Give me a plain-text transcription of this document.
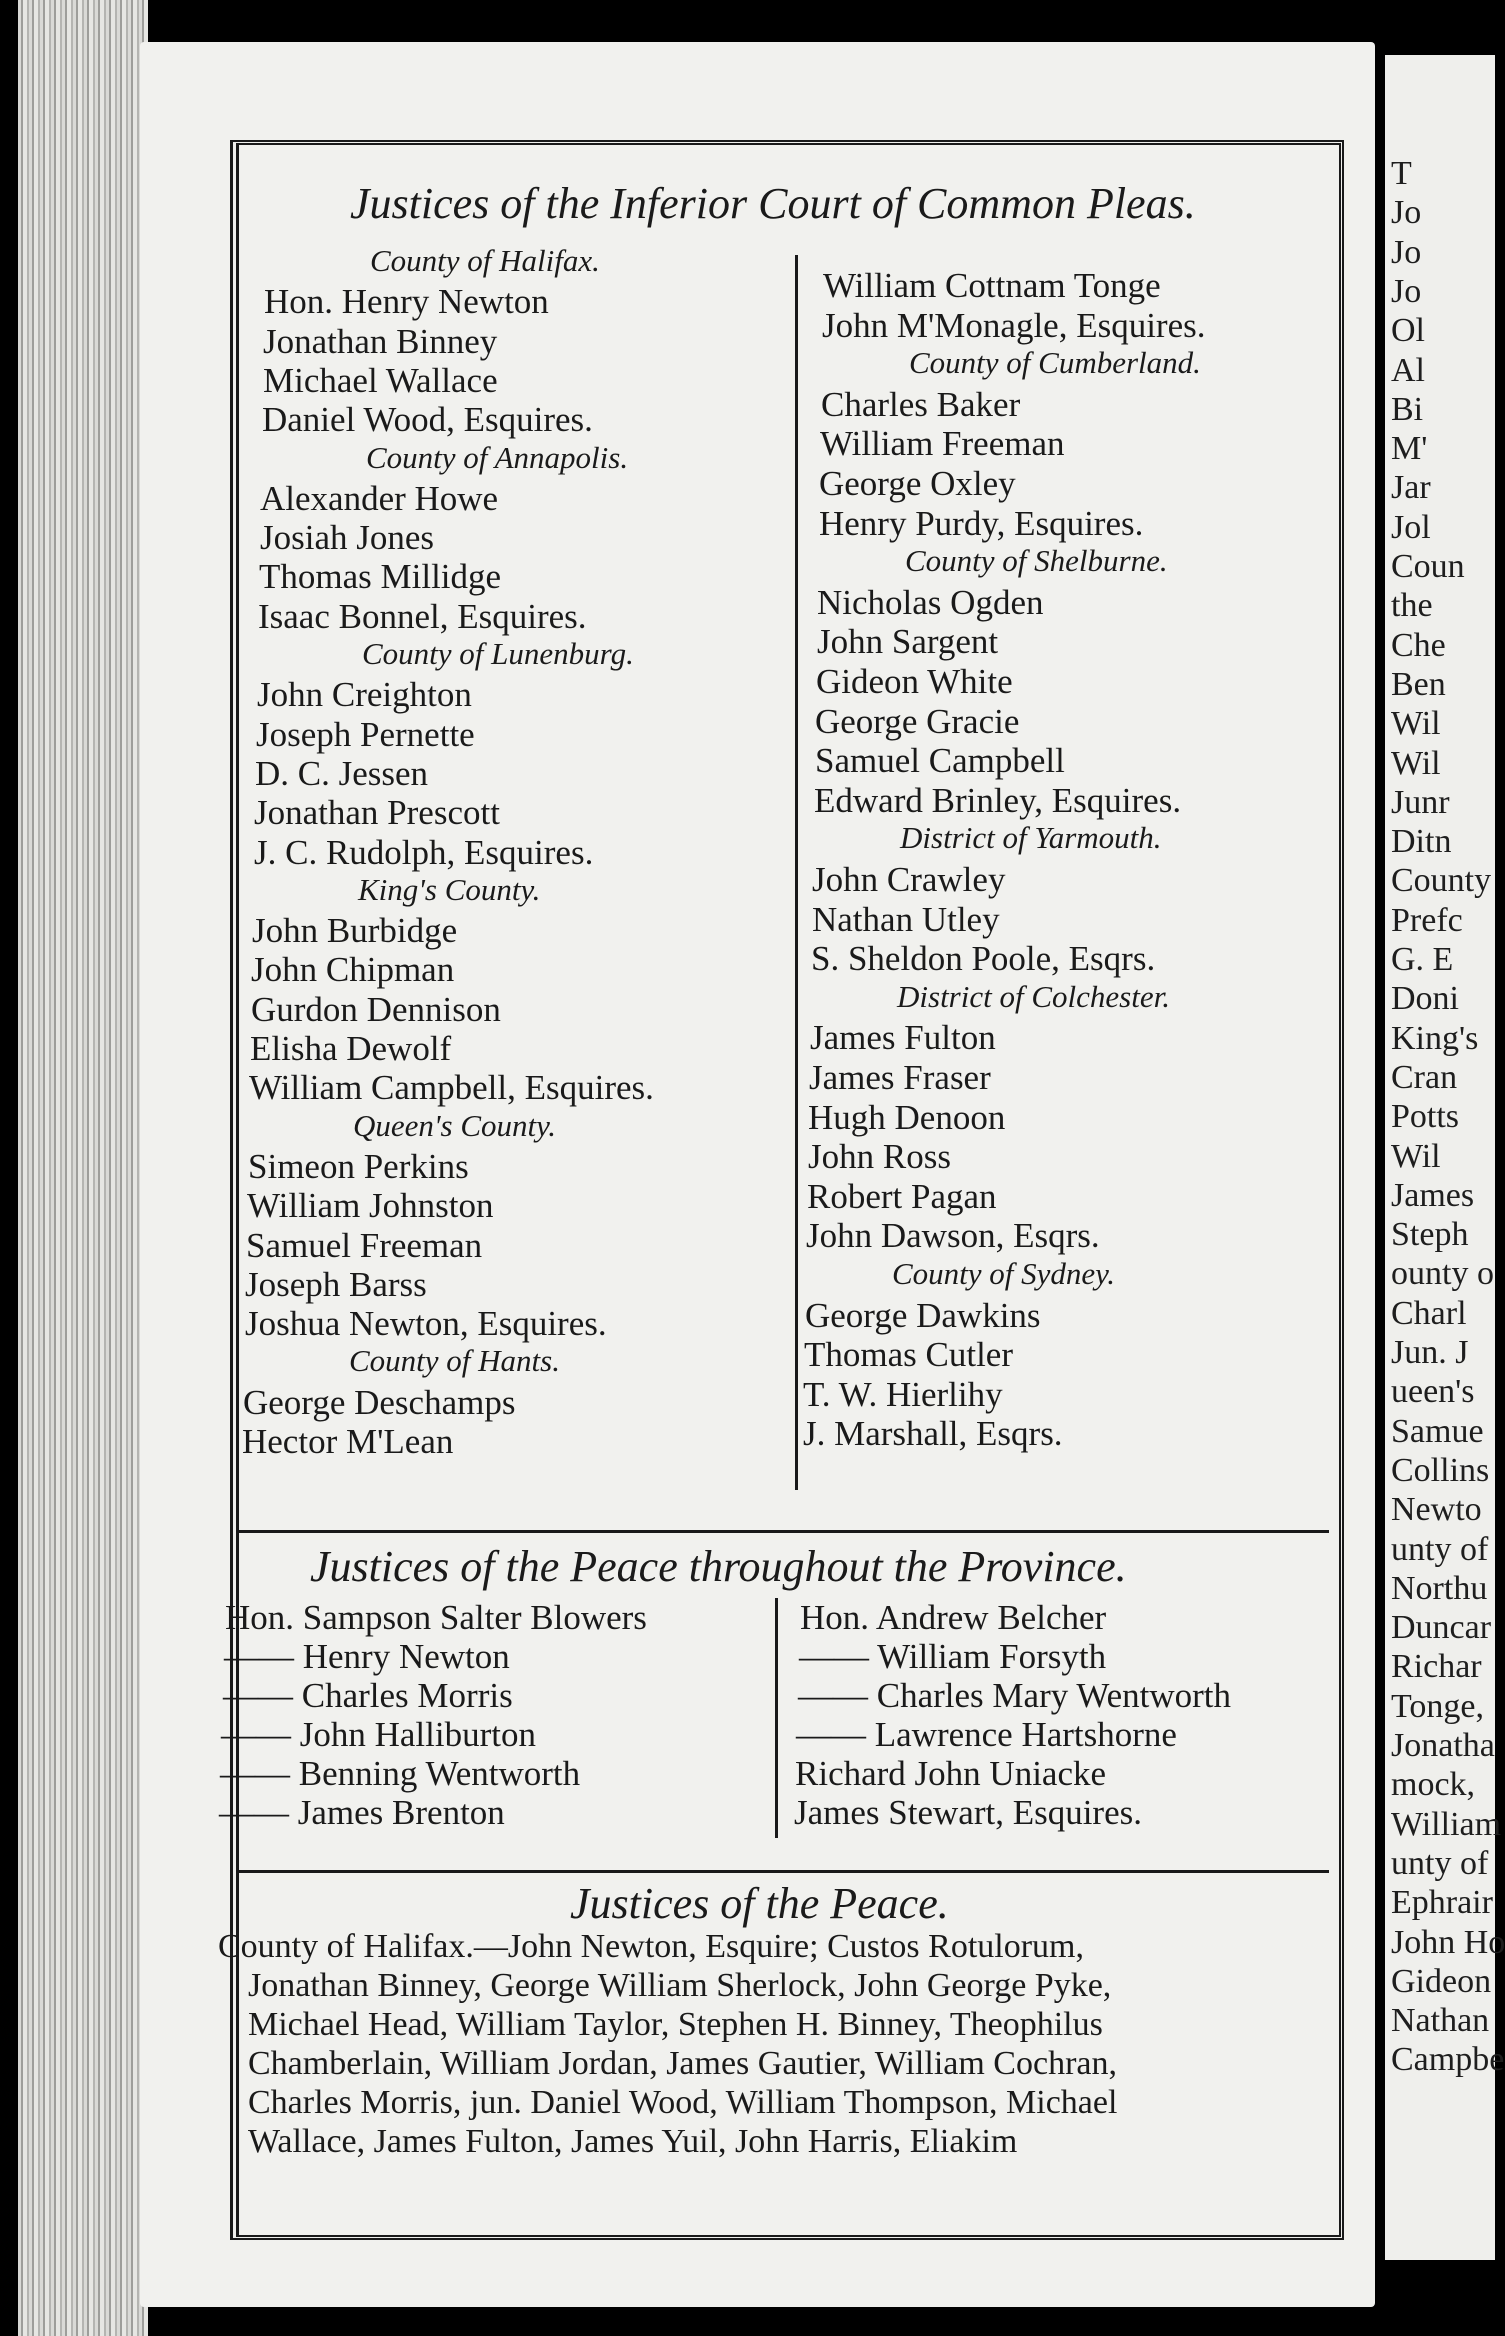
T
Jo
Jo
Jo
Ol
Al
Bi
M'
Jar
Jol
Coun
the
Che
Ben
Wil
Wil
Junr
Ditn
County
Prefc
G. E
Doni
King's
Cran
Potts
Wil
James
Steph
ounty o
Charl
Jun. J
ueen's
Samue
Collins
Newto
unty of
Northu
Duncar
Richar
Tonge,
Jonatha
mock,
William
unty of
Ephrair
John Ho
Gideon
Nathan
Campbe
Justices of the Inferior Court of Common Pleas.
County of Halifax.
Hon. Henry Newton
Jonathan Binney
Michael Wallace
Daniel Wood, Esquires.
County of Annapolis.
Alexander Howe
Josiah Jones
Thomas Millidge
Isaac Bonnel, Esquires.
County of Lunenburg.
John Creighton
Joseph Pernette
D. C. Jessen
Jonathan Prescott
J. C. Rudolph, Esquires.
King's County.
John Burbidge
John Chipman
Gurdon Dennison
Elisha Dewolf
William Campbell, Esquires.
Queen's County.
Simeon Perkins
William Johnston
Samuel Freeman
Joseph Barss
Joshua Newton, Esquires.
County of Hants.
George Deschamps
Hector M'Lean
William Cottnam Tonge
John M'Monagle, Esquires.
County of Cumberland.
Charles Baker
William Freeman
George Oxley
Henry Purdy, Esquires.
County of Shelburne.
Nicholas Ogden
John Sargent
Gideon White
George Gracie
Samuel Campbell
Edward Brinley, Esquires.
District of Yarmouth.
John Crawley
Nathan Utley
S. Sheldon Poole, Esqrs.
District of Colchester.
James Fulton
James Fraser
Hugh Denoon
John Ross
Robert Pagan
John Dawson, Esqrs.
County of Sydney.
George Dawkins
Thomas Cutler
T. W. Hierlihy
J. Marshall, Esqrs.
Justices of the Peace throughout the Province.
Hon. Sampson Salter Blowers
—— Henry Newton
—— Charles Morris
—— John Halliburton
—— Benning Wentworth
—— James Brenton
Hon. Andrew Belcher
—— William Forsyth
—— Charles Mary Wentworth
—— Lawrence Hartshorne
Richard John Uniacke
James Stewart, Esquires.
Justices of the Peace.
County of Halifax.—John Newton, Esquire; Custos Rotulorum,
Jonathan Binney, George William Sherlock, John George Pyke,
Michael Head, William Taylor, Stephen H. Binney, Theophilus
Chamberlain, William Jordan, James Gautier, William Cochran,
Charles Morris, jun. Daniel Wood, William Thompson, Michael
Wallace, James Fulton, James Yuil, John Harris, Eliakim
